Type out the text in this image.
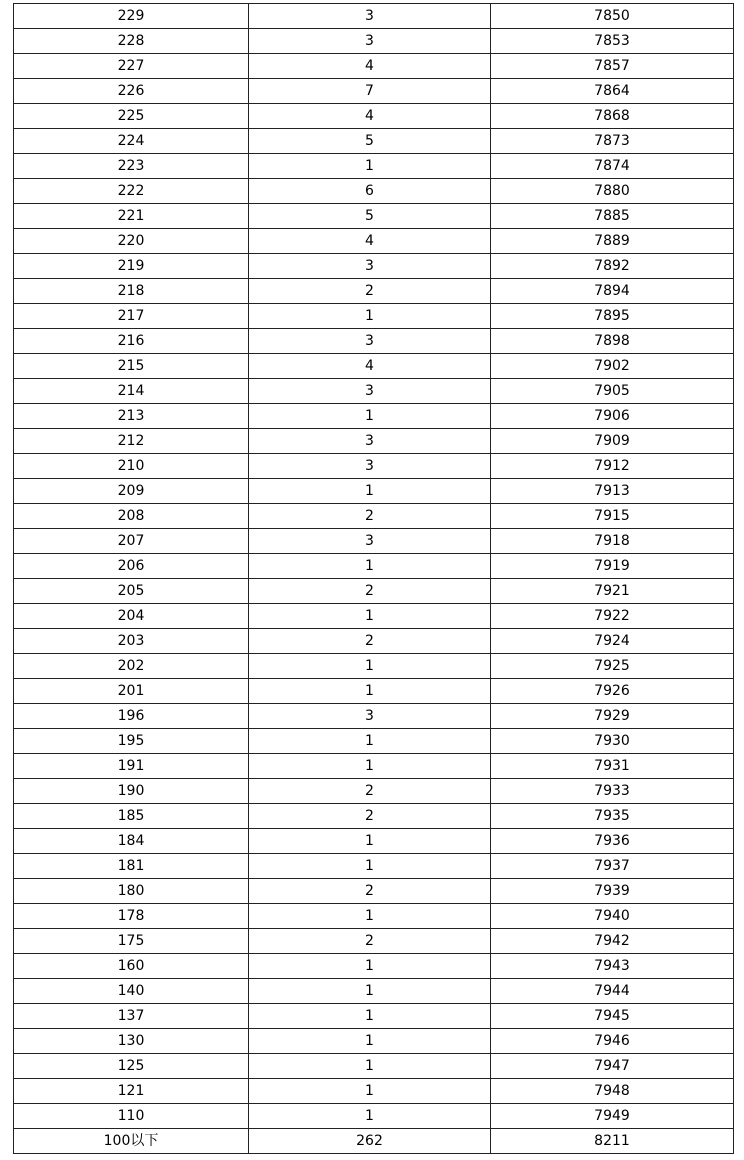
229	3	7850
228	3	7853
227	4	7857
226	7	7864
225	4	7868
224	5	7873
223	1	7874
222	6	7880
221	5	7885
220	4	7889
219	3	7892
218	2	7894
217	1	7895
216	3	7898
215	4	7902
214	3	7905
213	1	7906
212	3	7909
210	3	7912
209	1	7913
208	2	7915
207	3	7918
206	1	7919
205	2	7921
204	1	7922
203	2	7924
202	1	7925
201	1	7926
196	3	7929
195	1	7930
191	1	7931
190	2	7933
185	2	7935
184	1	7936
181	1	7937
180	2	7939
178	1	7940
175	2	7942
160	1	7943
140	1	7944
137	1	7945
130	1	7946
125	1	7947
121	1	7948
110	1	7949
100以下	262	8211
